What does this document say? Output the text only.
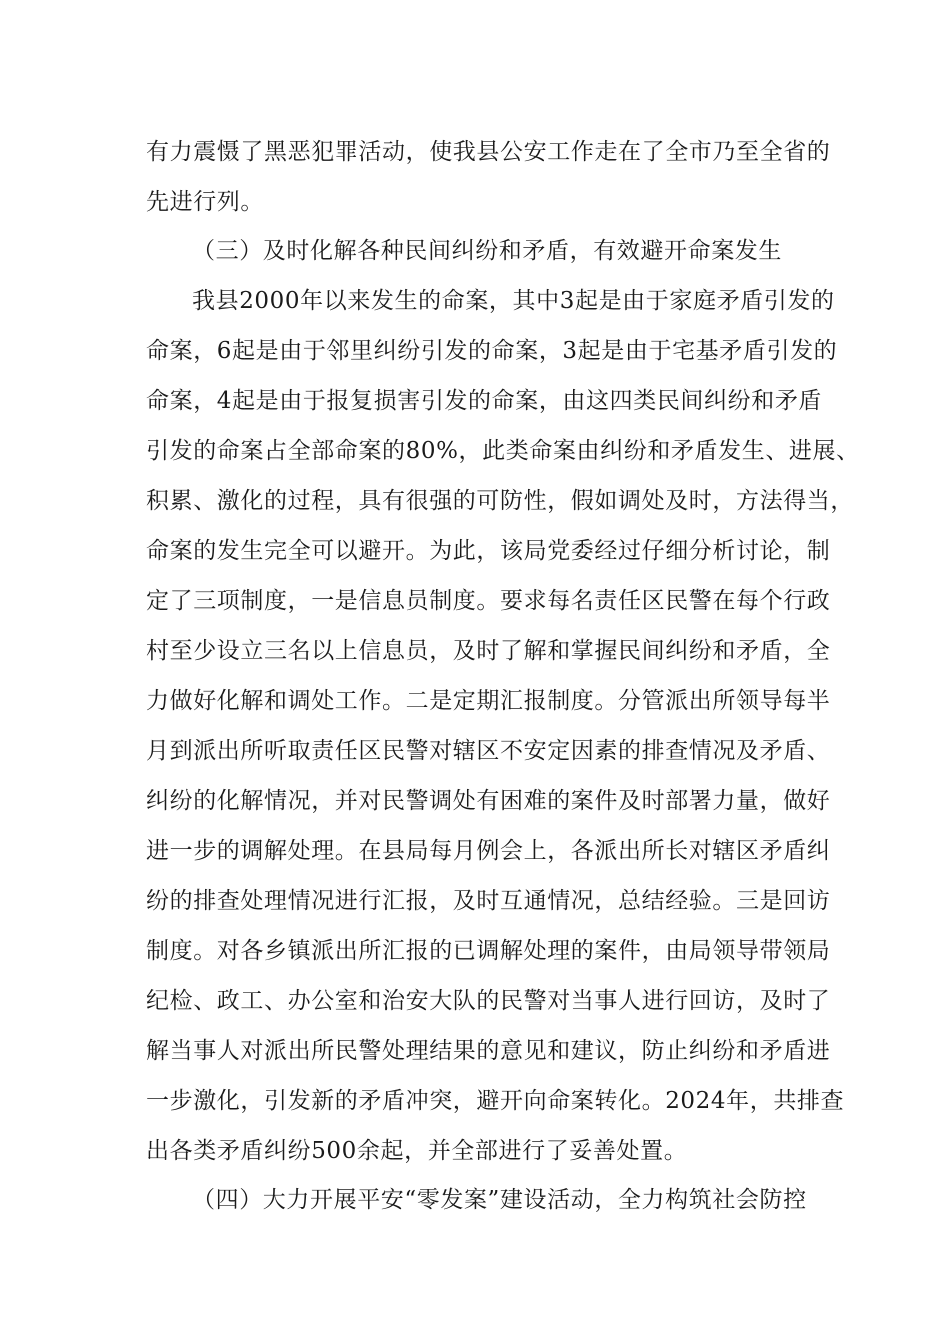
有力震慑了黑恶犯罪活动，使我县公安工作走在了全市乃至全省的
先进行列。
（三）及时化解各种民间纠纷和矛盾，有效避开命案发生
我县2000年以来发生的命案，其中3起是由于家庭矛盾引发的
命案，6起是由于邻里纠纷引发的命案，3起是由于宅基矛盾引发的
命案，4起是由于报复损害引发的命案，由这四类民间纠纷和矛盾
引发的命案占全部命案的80%，此类命案由纠纷和矛盾发生、进展、
积累、激化的过程，具有很强的可防性，假如调处及时，方法得当，
命案的发生完全可以避开。为此，该局党委经过仔细分析讨论，制
定了三项制度，一是信息员制度。要求每名责任区民警在每个行政
村至少设立三名以上信息员，及时了解和掌握民间纠纷和矛盾，全
力做好化解和调处工作。二是定期汇报制度。分管派出所领导每半
月到派出所听取责任区民警对辖区不安定因素的排查情况及矛盾、
纠纷的化解情况，并对民警调处有困难的案件及时部署力量，做好
进一步的调解处理。在县局每月例会上，各派出所长对辖区矛盾纠
纷的排查处理情况进行汇报，及时互通情况，总结经验。三是回访
制度。对各乡镇派出所汇报的已调解处理的案件，由局领导带领局
纪检、政工、办公室和治安大队的民警对当事人进行回访，及时了
解当事人对派出所民警处理结果的意见和建议，防止纠纷和矛盾进
一步激化，引发新的矛盾冲突，避开向命案转化。2024年，共排查
出各类矛盾纠纷500余起，并全部进行了妥善处置。
（四）大力开展平安“零发案”建设活动，全力构筑社会防控
